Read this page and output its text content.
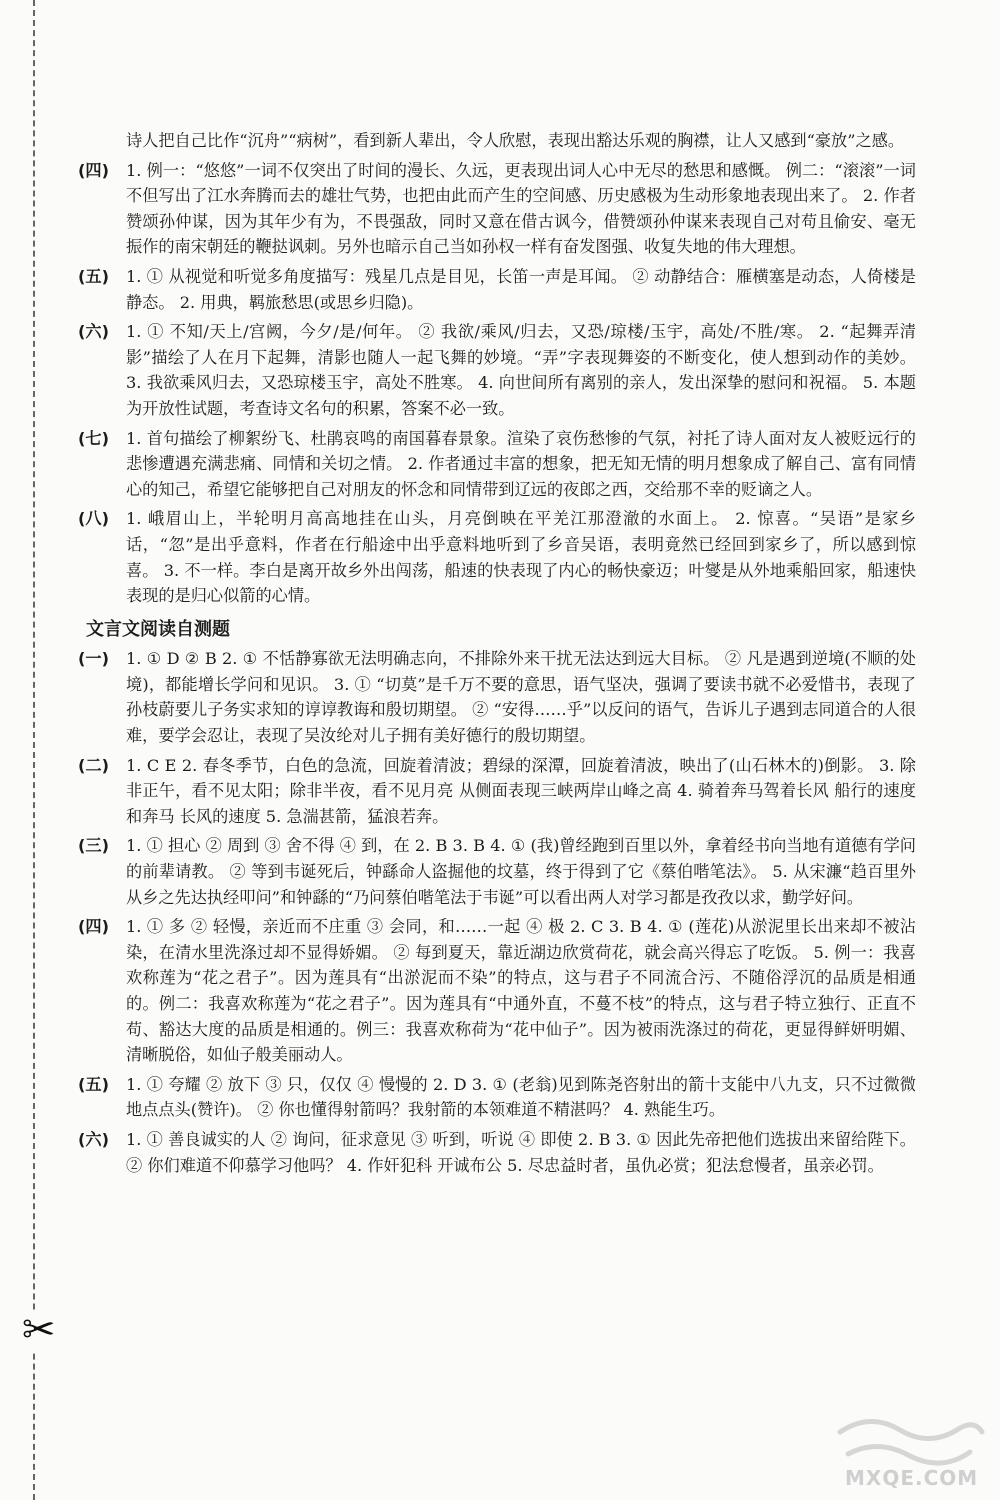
✂

诗人把自己比作“沉舟”“病树”，看到新人辈出，令人欣慰，表现出豁达乐观的胸襟，让人又感到“豪放”之感。

(四) 1. 例一：“悠悠”一词不仅突出了时间的漫长、久远，更表现出词人心中无尽的愁思和感慨。 例二：“滚滚”一词不但写出了江水奔腾而去的雄壮气势，也把由此而产生的空间感、历史感极为生动形象地表现出来了。 2. 作者赞颂孙仲谋，因为其年少有为，不畏强敌，同时又意在借古讽今，借赞颂孙仲谋来表现自己对苟且偷安、毫无振作的南宋朝廷的鞭挞讽刺。另外也暗示自己当如孙权一样有奋发图强、收复失地的伟大理想。

(五) 1. ① 从视觉和听觉多角度描写：残星几点是目见，长笛一声是耳闻。 ② 动静结合：雁横塞是动态，人倚楼是静态。 2. 用典，羁旅愁思(或思乡归隐)。

(六) 1. ① 不知/天上/宫阙，今夕/是/何年。 ② 我欲/乘风/归去，又恐/琼楼/玉宇，高处/不胜/寒。 2. “起舞弄清影”描绘了人在月下起舞，清影也随人一起飞舞的妙境。“弄”字表现舞姿的不断变化，使人想到动作的美妙。 3. 我欲乘风归去，又恐琼楼玉宇，高处不胜寒。 4. 向世间所有离别的亲人，发出深挚的慰问和祝福。 5. 本题为开放性试题，考查诗文名句的积累，答案不必一致。

(七) 1. 首句描绘了柳絮纷飞、杜鹃哀鸣的南国暮春景象。渲染了哀伤愁惨的气氛，衬托了诗人面对友人被贬远行的悲惨遭遇充满悲痛、同情和关切之情。 2. 作者通过丰富的想象，把无知无情的明月想象成了解自己、富有同情心的知己，希望它能够把自己对朋友的怀念和同情带到辽远的夜郎之西，交给那不幸的贬谪之人。

(八) 1. 峨眉山上，半轮明月高高地挂在山头，月亮倒映在平羌江那澄澈的水面上。 2. 惊喜。“吴语”是家乡话，“忽”是出乎意料，作者在行船途中出乎意料地听到了乡音吴语，表明竟然已经回到家乡了，所以感到惊喜。 3. 不一样。李白是离开故乡外出闯荡，船速的快表现了内心的畅快豪迈；叶燮是从外地乘船回家，船速快表现的是归心似箭的心情。

文言文阅读自测题

(一) 1. ① D ② B 2. ① 不恬静寡欲无法明确志向，不排除外来干扰无法达到远大目标。 ② 凡是遇到逆境(不顺的处境)，都能增长学问和见识。 3. ① “切莫”是千万不要的意思，语气坚决，强调了要读书就不必爱惜书，表现了孙枝蔚要儿子务实求知的谆谆教诲和殷切期望。 ② “安得……乎”以反问的语气，告诉儿子遇到志同道合的人很难，要学会忍让，表现了吴汝纶对儿子拥有美好德行的殷切期望。

(二) 1. C E 2. 春冬季节，白色的急流，回旋着清波；碧绿的深潭，回旋着清波，映出了(山石林木的)倒影。 3. 除非正午，看不见太阳；除非半夜，看不见月亮 从侧面表现三峡两岸山峰之高 4. 骑着奔马驾着长风 船行的速度和奔马 长风的速度 5. 急湍甚箭，猛浪若奔。

(三) 1. ① 担心 ② 周到 ③ 舍不得 ④ 到，在 2. B 3. B 4. ① (我)曾经跑到百里以外，拿着经书向当地有道德有学问的前辈请教。 ② 等到韦诞死后，钟繇命人盗掘他的坟墓，终于得到了它《蔡伯喈笔法》。 5. 从宋濂“趋百里外从乡之先达执经叩问”和钟繇的“乃问蔡伯喈笔法于韦诞”可以看出两人对学习都是孜孜以求，勤学好问。

(四) 1. ① 多 ② 轻慢，亲近而不庄重 ③ 会同，和……一起 ④ 极 2. C 3. B 4. ① (莲花)从淤泥里长出来却不被沾染，在清水里洗涤过却不显得娇媚。 ② 每到夏天，靠近湖边欣赏荷花，就会高兴得忘了吃饭。 5. 例一：我喜欢称莲为“花之君子”。因为莲具有“出淤泥而不染”的特点，这与君子不同流合污、不随俗浮沉的品质是相通的。例二：我喜欢称莲为“花之君子”。因为莲具有“中通外直，不蔓不枝”的特点，这与君子特立独行、正直不苟、豁达大度的品质是相通的。例三：我喜欢称荷为“花中仙子”。因为被雨洗涤过的荷花，更显得鲜妍明媚、清晰脱俗，如仙子般美丽动人。

(五) 1. ① 夸耀 ② 放下 ③ 只，仅仅 ④ 慢慢的 2. D 3. ① (老翁)见到陈尧咨射出的箭十支能中八九支，只不过微微地点点头(赞许)。 ② 你也懂得射箭吗？我射箭的本领难道不精湛吗？ 4. 熟能生巧。

(六) 1. ① 善良诚实的人 ② 询问，征求意见 ③ 听到，听说 ④ 即使 2. B 3. ① 因此先帝把他们选拔出来留给陛下。 ② 你们难道不仰慕学习他吗？ 4. 作奸犯科 开诚布公 5. 尽忠益时者，虽仇必赏；犯法怠慢者，虽亲必罚。

MXQE.COM
